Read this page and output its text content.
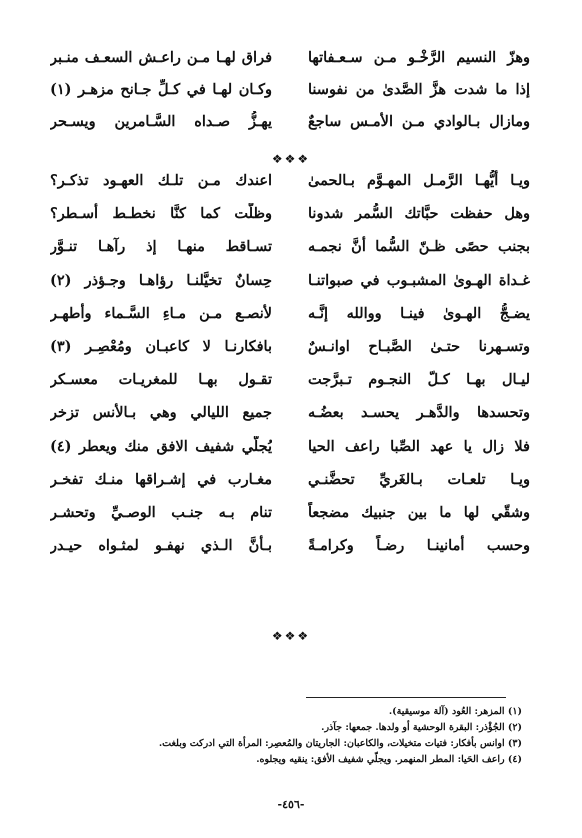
وهزّ النسيم الرَّخْـو مـن سـعـفاتها
فراق لهـا مـن راعـش السعـف منـبر
إذا ما شدت هزَّ الصَّدىٰ من نفوسنا
وكـان لهـا في كـلِّ جـانح مزهـر (١)
ومازال بـالوادي مـن الأمـس ساجعٌ
يهـزُّ صـداه السَّـامرين ويسـحر
❖❖❖
ويـا أيُّهـا الرَّمـل المهـوَّم بـالحمىٰ
اعندك مـن تلـك العهـود تذكـر؟
وهل حفظت حبَّاتك السُّمر شدونا
وظلَّت كما كنَّا نخطـط أسـطر؟
بجنب حصًى ظـنّ السُّما أنَّ نجمـه
تسـاقط منهـا إذ رآهـا تنـوَّر
غـداة الهـوىٰ المشبـوب في صبواتنـا
حِسانٌ تخيَّلنـا رؤاهـا وجـؤذر (٢)
يضـجُّ الهـوىٰ فينـا ووالله إنَّـه
لأنصـع مـن مـاءِ السَّـماء وأطهـر
وتسـهرنا حتـىٰ الصَّبـاح اوانـسٌ
بافكارنـا لا كاعبـان ومُعْصِـر (٣)
ليـال بهـا كـلّ النجـوم تـبرَّجت
تقـول بهـا للمغريـات معسـكر
وتحسدها والدَّهـر يحسـد بعضُـه
جميع الليالي وهي بـالأنس تزخر
فلا زال يا عهد الصِّبا راعف الحيا
يُجلّي شفيف الافق منك ويعطر (٤)
ويـا تلعـات بـالغَريِّ تحضَّنـي
مغـارب في إشـراقها منـك تفخـر
وشقّي لها ما بين جنبيك مضجعاً
تنام بـه جنـب الوصـيِّ وتحشـر
وحسب أمانينـا رضـاً وكرامـةً
بـأنَّ الـذي نهفـو لمثـواه حيـدر
❖❖❖
(١) المزهر: العُود (آلة موسيقية).
(٢) الجُؤْذر: البقرة الوحشية أو ولدها. جمعها: جآذر.
(٣) اوانس بأفكار: فتيات متخيلات، والكاعبان: الجاريتان والمُعصِر: المرأة التي ادركت وبلغت.
(٤) راعف الحَيا: المطر المنهمر. ويجلّي شفيف الأفق: ينقيه ويجلوه.
-٤٥٦-
